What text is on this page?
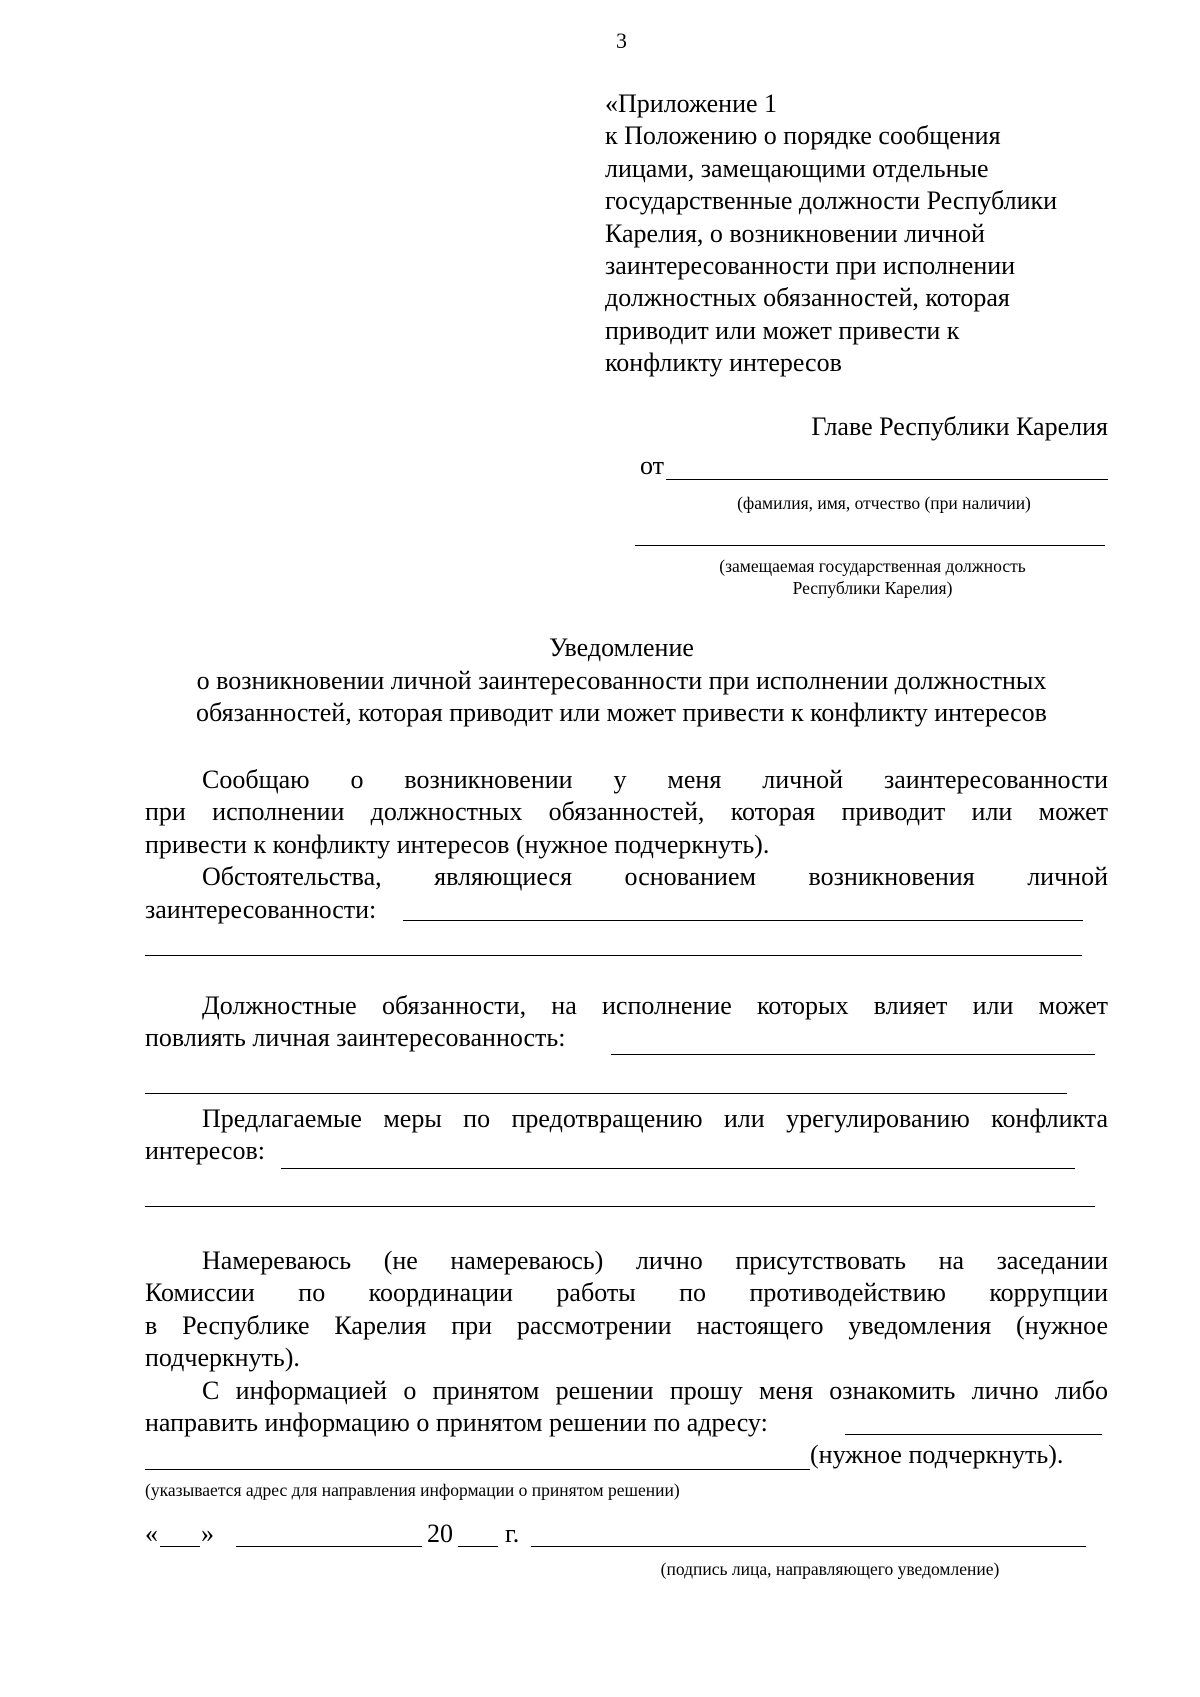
3
«Приложение 1
к Положению о порядке сообщения
лицами, замещающими отдельные
государственные должности Республики
Карелия, о возникновении личной
заинтересованности при исполнении
должностных обязанностей, которая
приводит или может привести к
конфликту интересов
Главе Республики Карелия
от
(фамилия, имя, отчество (при наличии)
(замещаемая государственная должность
Республики Карелия)
Уведомление
о возникновении личной заинтересованности при исполнении должностных
обязанностей, которая приводит или может привести к конфликту интересов
Сообщаю о возникновении у меня личной заинтересованности
при исполнении должностных обязанностей, которая приводит или может
привести к конфликту интересов (нужное подчеркнуть).
Обстоятельства, являющиеся основанием возникновения личной
заинтересованности:
Должностные обязанности, на исполнение которых влияет или может
повлиять личная заинтересованность:
Предлагаемые меры по предотвращению или урегулированию конфликта
интересов:
Намереваюсь (не намереваюсь) лично присутствовать на заседании
Комиссии по координации работы по противодействию коррупции
в Республике Карелия при рассмотрении настоящего уведомления (нужное
подчеркнуть).
С информацией о принятом решении прошу меня ознакомить лично либо
направить информацию о принятом решении по адресу:
(нужное подчеркнуть).
(указывается адрес для направления информации о принятом решении)
« »	20 г.
(подпись лица, направляющего уведомление)
